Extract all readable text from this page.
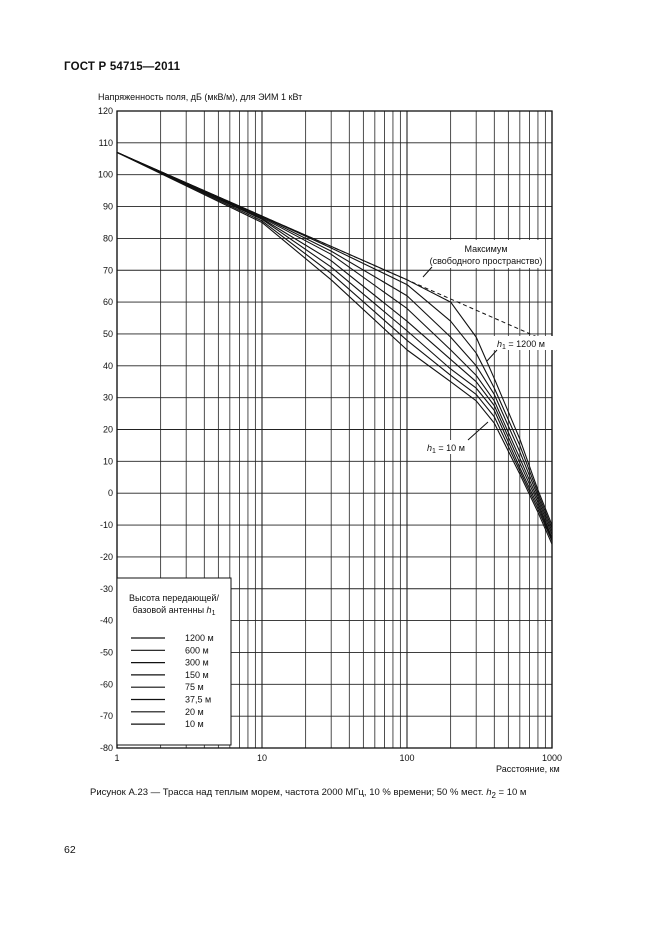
ГОСТ Р 54715—2011
Напряженность поля, дБ (мкВ/м), для ЭИМ 1 кВт
Расстояние, км
120
110
100
90
80
70
60
50
40
30
20
10
0
-10
-20
-30
-40
-50
-60
-70
-80
1	10	100	1000
Высота передающей/
базовой антенны $h_1$
1200 м
600 м
300 м
150 м
75 м
37,5 м
20 м
10 м
Максимум
(свободного пространство)
$h_1 = 1200$ м
$h_1 = 10$ м
Рисунок А.23 — Трасса над теплым морем, частота 2000 МГц, 10 % времени; 50 % мест. $h_2 = 10$ м
62
